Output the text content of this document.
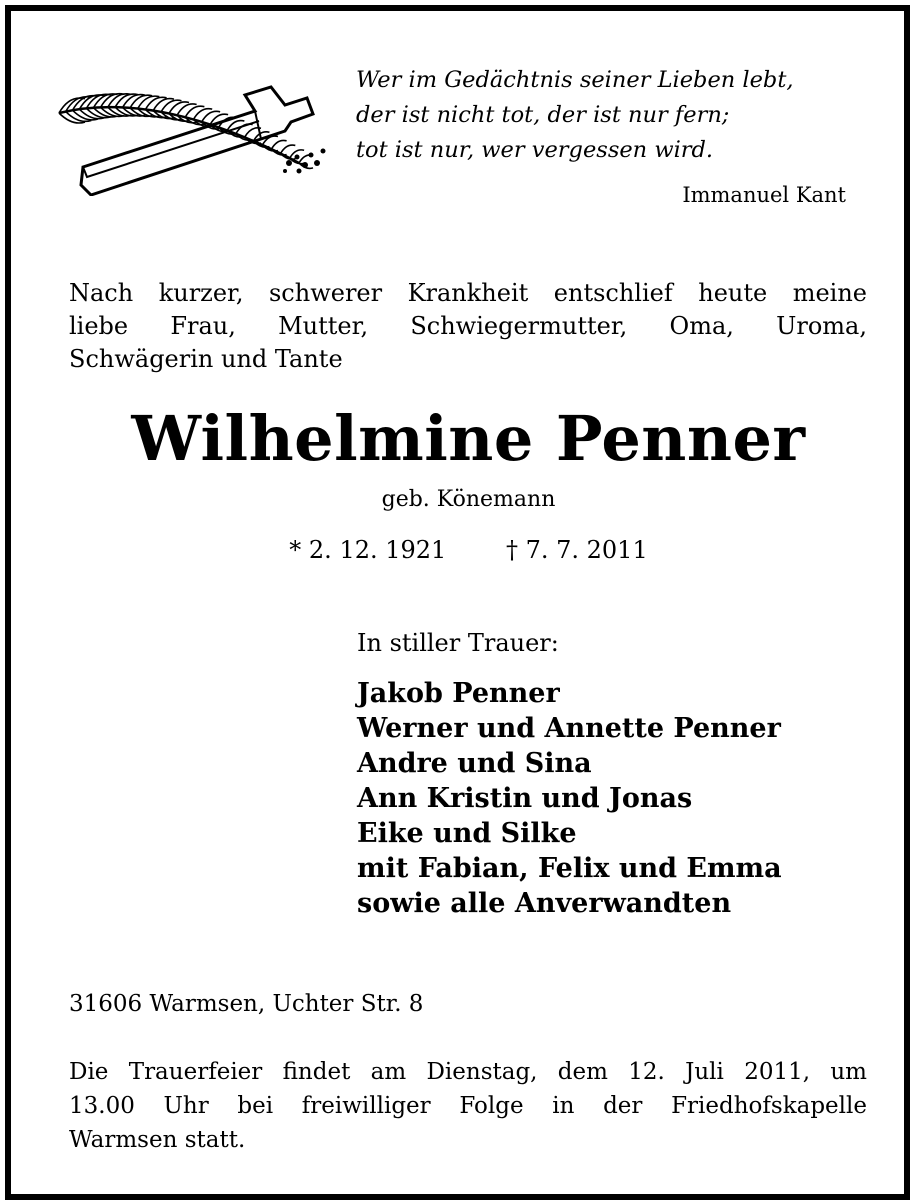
Wer im Gedächtnis seiner Lieben lebt,
der ist nicht tot, der ist nur fern;
tot ist nur, wer vergessen wird.
Immanuel Kant
Nach kurzer, schwerer Krankheit entschlief heute meine
liebe Frau, Mutter, Schwiegermutter, Oma, Uroma,
Schwägerin und Tante
Wilhelmine Penner
geb. Könemann
* 2. 12. 1921 † 7. 7. 2011
In stiller Trauer:
Jakob Penner
Werner und Annette Penner
Andre und Sina
Ann Kristin und Jonas
Eike und Silke
mit Fabian, Felix und Emma
sowie alle Anverwandten
31606 Warmsen, Uchter Str. 8
Die Trauerfeier findet am Dienstag, dem 12. Juli 2011, um
13.00 Uhr bei freiwilliger Folge in der Friedhofskapelle
Warmsen statt.
